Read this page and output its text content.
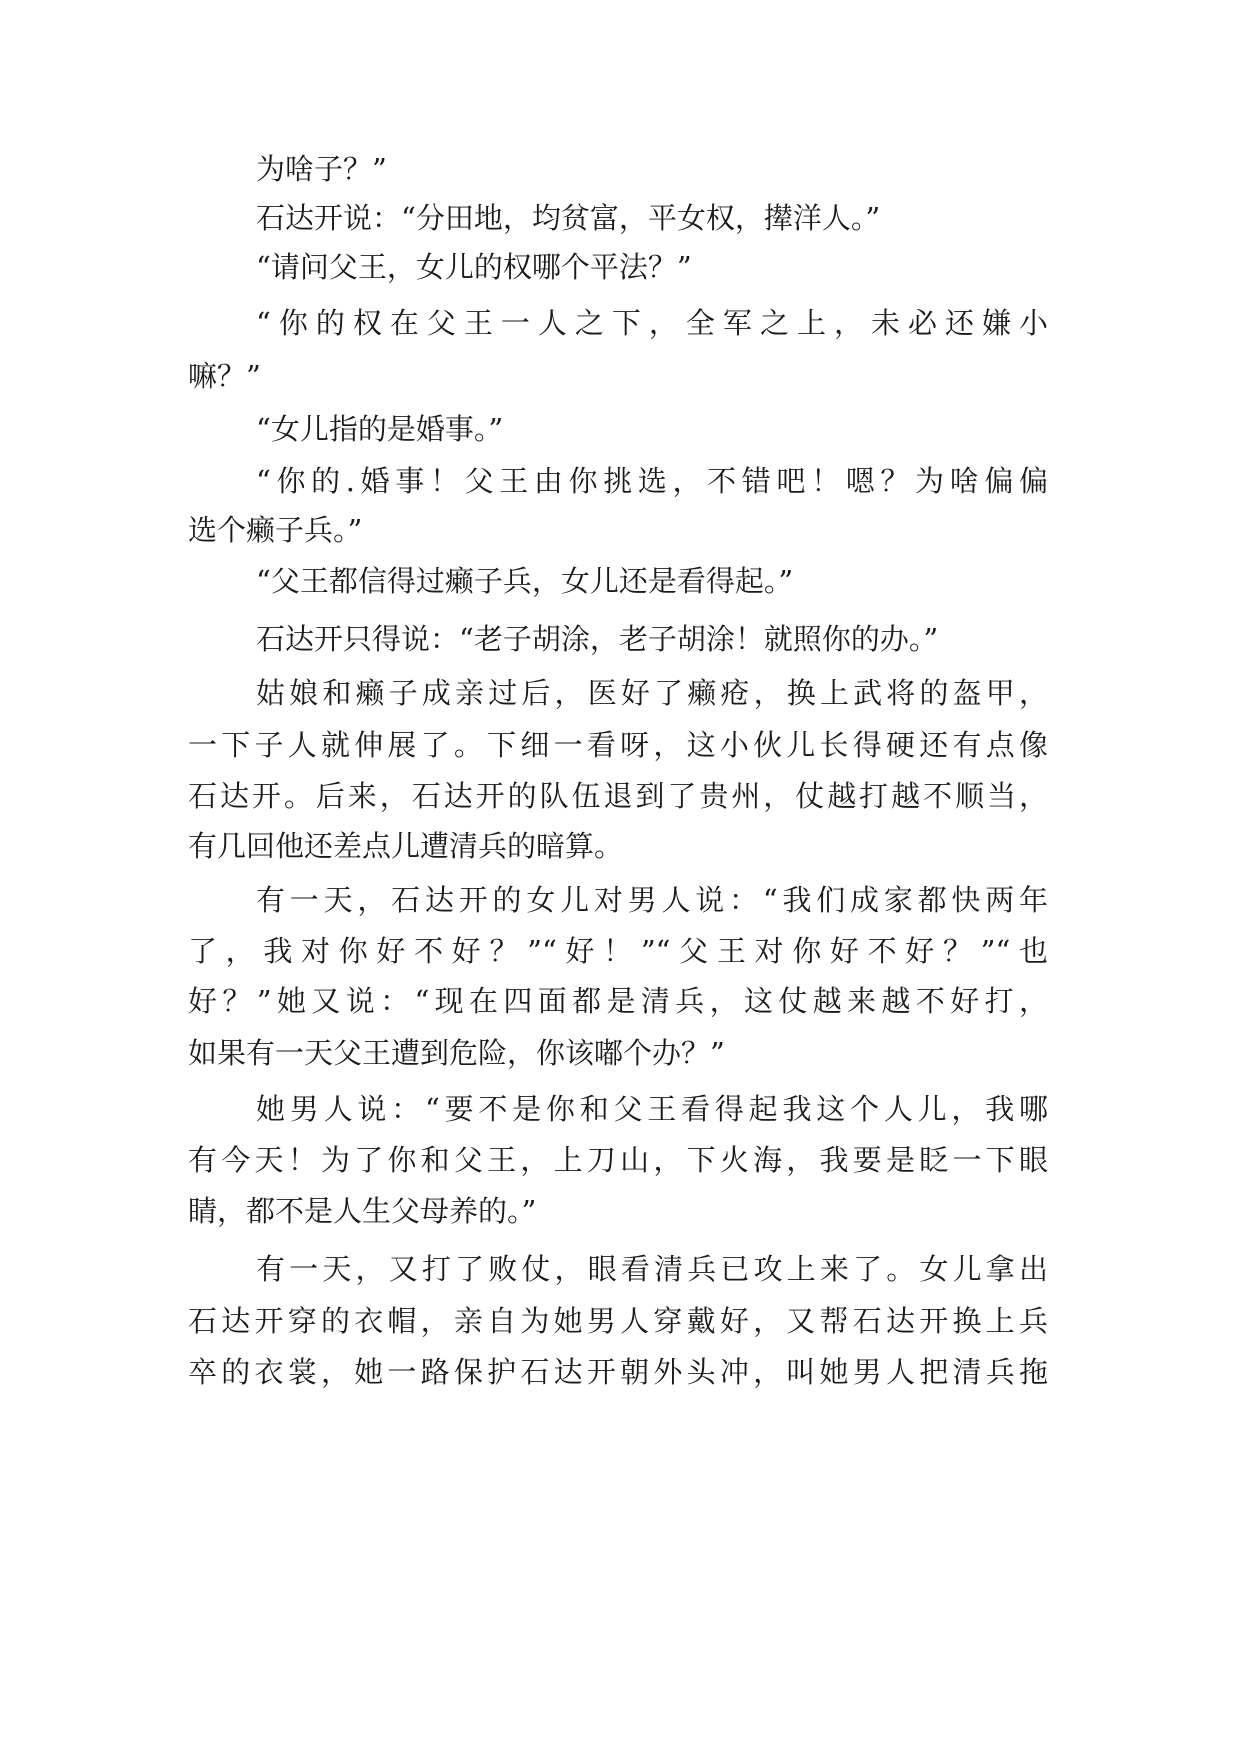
为啥子？”
石达开说：“分田地，均贫富，平女权，撵洋人。”
“请问父王，女儿的权哪个平法？”
“你的权在父王一人之下，全军之上，未必还嫌小
嘛？”
“女儿指的是婚事。”
“你的.婚事！父王由你挑选，不错吧！嗯？为啥偏偏
选个癞子兵。”
“父王都信得过癞子兵，女儿还是看得起。”
石达开只得说：“老子胡涂，老子胡涂！就照你的办。”
姑娘和癞子成亲过后，医好了癞疮，换上武将的盔甲，
一下子人就伸展了。下细一看呀，这小伙儿长得硬还有点像
石达开。后来，石达开的队伍退到了贵州，仗越打越不顺当，
有几回他还差点儿遭清兵的暗算。
有一天，石达开的女儿对男人说：“我们成家都快两年
了，我对你好不好？”“好！”“父王对你好不好？”“也
好？”她又说：“现在四面都是清兵，这仗越来越不好打，
如果有一天父王遭到危险，你该嘟个办？”
她男人说：“要不是你和父王看得起我这个人儿，我哪
有今天！为了你和父王，上刀山，下火海，我要是眨一下眼
睛，都不是人生父母养的。”
有一天，又打了败仗，眼看清兵已攻上来了。女儿拿出
石达开穿的衣帽，亲自为她男人穿戴好，又帮石达开换上兵
卒的衣裳，她一路保护石达开朝外头冲，叫她男人把清兵拖
